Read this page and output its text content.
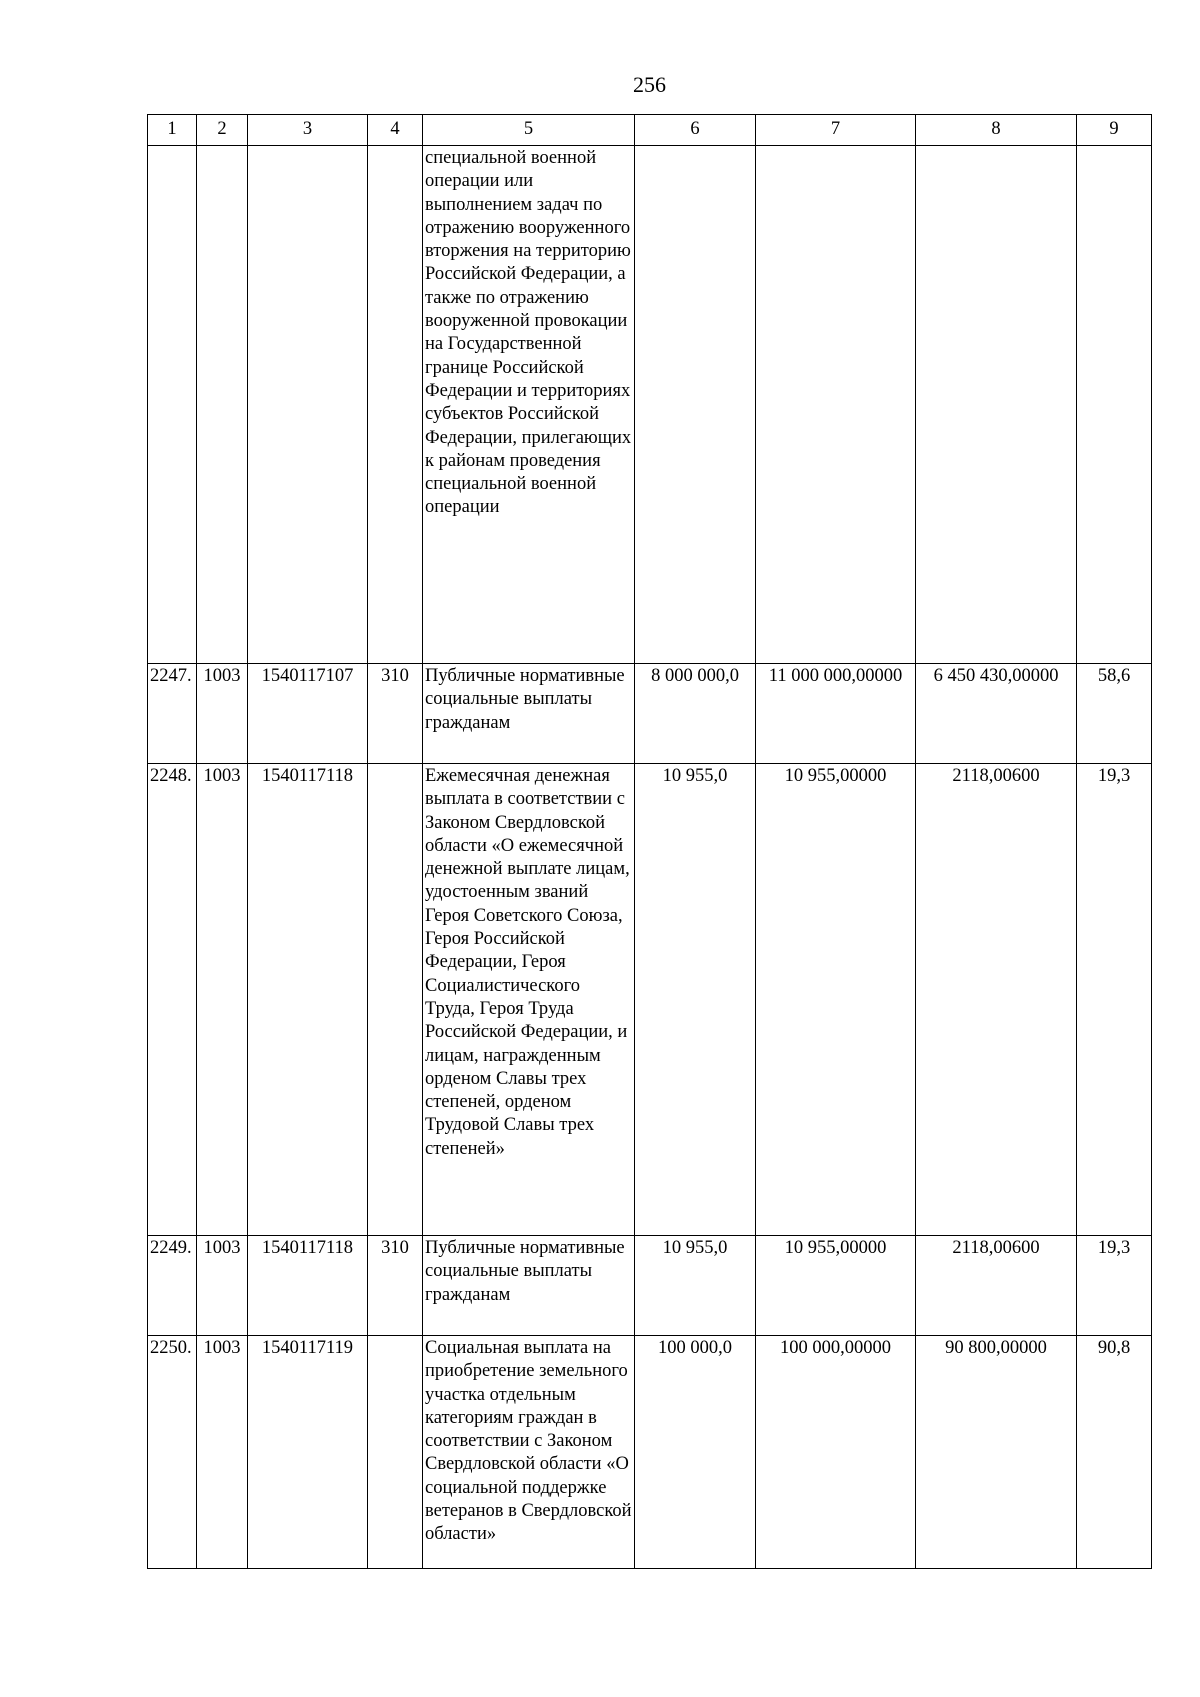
256
1	2	3	4	5	6	7	8	9
				специальной военной операции или выполнением задач по отражению вооруженного вторжения на территорию Российской Федерации, а также по отражению вооруженной провокации на Государственной границе Российской Федерации и территориях субъектов Российской Федерации, прилегающих к районам проведения специальной военной операции				
2247.	1003	1540117107	310	Публичные нормативные социальные выплаты гражданам	8 000 000,0	11 000 000,00000	6 450 430,00000	58,6
2248.	1003	1540117118		Ежемесячная денежная выплата в соответствии с Законом Свердловской области «О ежемесячной денежной выплате лицам, удостоенным званий Героя Советского Союза, Героя Российской Федерации, Героя Социалистического Труда, Героя Труда Российской Федерации, и лицам, награжденным орденом Славы трех степеней, орденом Трудовой Славы трех степеней»	10 955,0	10 955,00000	2118,00600	19,3
2249.	1003	1540117118	310	Публичные нормативные социальные выплаты гражданам	10 955,0	10 955,00000	2118,00600	19,3
2250.	1003	1540117119		Социальная выплата на приобретение земельного участка отдельным категориям граждан в соответствии с Законом Свердловской области «О социальной поддержке ветеранов в Свердловской области»	100 000,0	100 000,00000	90 800,00000	90,8
